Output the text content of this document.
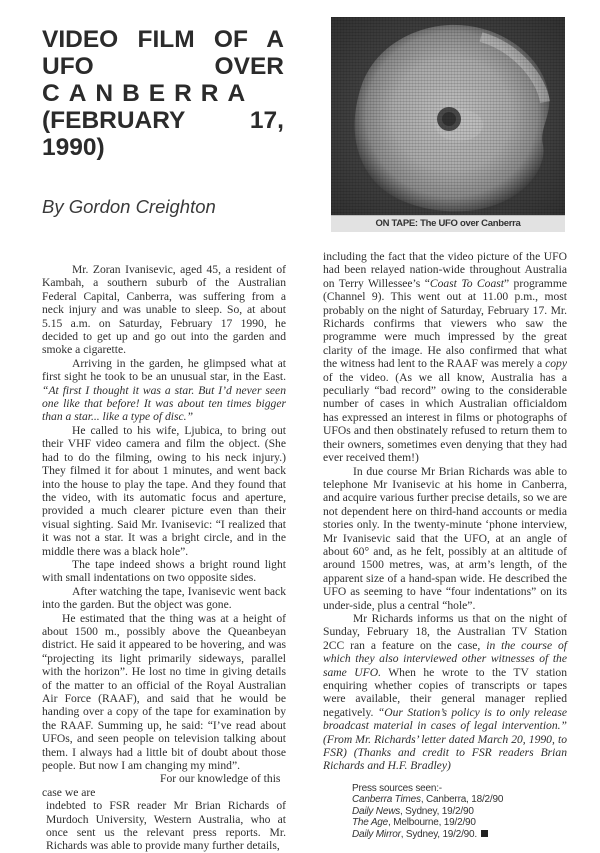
VIDEO FILM OF A
UFO OVER
CANBERRA
(FEBRUARY 17,
1990)
By Gordon Creighton
ON TAPE: The UFO over Canberra

Mr. Zoran Ivanisevic, aged 45, a resident of Kambah, a southern suburb of the Australian Federal Capital, Canberra, was suffering from a neck injury and was unable to sleep. So, at about 5.15 a.m. on Saturday, February 17 1990, he decided to get up and go out into the garden and smoke a cigarette.

Arriving in the garden, he glimpsed what at first sight he took to be an unusual star, in the East. “At first I thought it was a star. But I’d never seen one like that before! It was about ten times bigger than a star... like a type of disc.”

He called to his wife, Ljubica, to bring out their VHF video camera and film the object. (She had to do the filming, owing to his neck injury.) They filmed it for about 1 minutes, and went back into the house to play the tape. And they found that the video, with its automatic focus and aperture, provided a much clearer picture even than their visual sighting. Said Mr. Ivanisevic: “I realized that it was not a star. It was a bright circle, and in the middle there was a black hole”.

The tape indeed shows a bright round light with small indentations on two opposite sides.

After watching the tape, Ivanisevic went back into the garden. But the object was gone.

He estimated that the thing was at a height of about 1500 m., possibly above the Queanbeyan district. He said it appeared to be hovering, and was “projecting its light primarily sideways, parallel with the horizon”. He lost no time in giving details of the matter to an official of the Royal Australian Air Force (RAAF), and said that he would be handing over a copy of the tape for examination by the RAAF. Summing up, he said: “I’ve read about UFOs, and seen people on television talking about them. I always had a little bit of doubt about those people. But now I am changing my mind”.

For our knowledge of this case we are

indebted to FSR reader Mr Brian Richards of Murdoch University, Western Australia, who at once sent us the relevant press reports. Mr. Richards was able to provide many further details,

including the fact that the video picture of the UFO had been relayed nation-wide throughout Australia on Terry Willessee’s “Coast To Coast” programme (Channel 9). This went out at 11.00 p.m., most probably on the night of Saturday, February 17. Mr. Richards confirms that viewers who saw the programme were much impressed by the great clarity of the image. He also confirmed that what the witness had lent to the RAAF was merely a copy of the video. (As we all know, Australia has a peculiarly “bad record” owing to the considerable number of cases in which Australian officialdom has expressed an interest in films or photographs of UFOs and then obstinately refused to return them to their owners, sometimes even denying that they had ever received them!)

In due course Mr Brian Richards was able to telephone Mr Ivanisevic at his home in Canberra, and acquire various further precise details, so we are not dependent here on third-hand accounts or media stories only. In the twenty-minute ‘phone interview, Mr Ivanisevic said that the UFO, at an angle of about 60° and, as he felt, possibly at an altitude of around 1500 metres, was, at arm’s length, of the apparent size of a hand-span wide. He described the UFO as seeming to have “four indentations” on its under-side, plus a central “hole”.

Mr Richards informs us that on the night of Sunday, February 18, the Australian TV Station 2CC ran a feature on the case, in the course of which they also interviewed other witnesses of the same UFO. When he wrote to the TV station enquiring whether copies of transcripts or tapes were available, their general manager replied negatively. “Our Station’s policy is to only release broadcast material in cases of legal intervention.” (From Mr. Richards’ letter dated March 20, 1990, to FSR) (Thanks and credit to FSR readers Brian Richards and H.F. Bradley)

Press sources seen:-
Canberra Times, Canberra, 18/2/90
Daily News, Sydney, 19/2/90
The Age, Melbourne, 19/2/90
Daily Mirror, Sydney, 19/2/90.
